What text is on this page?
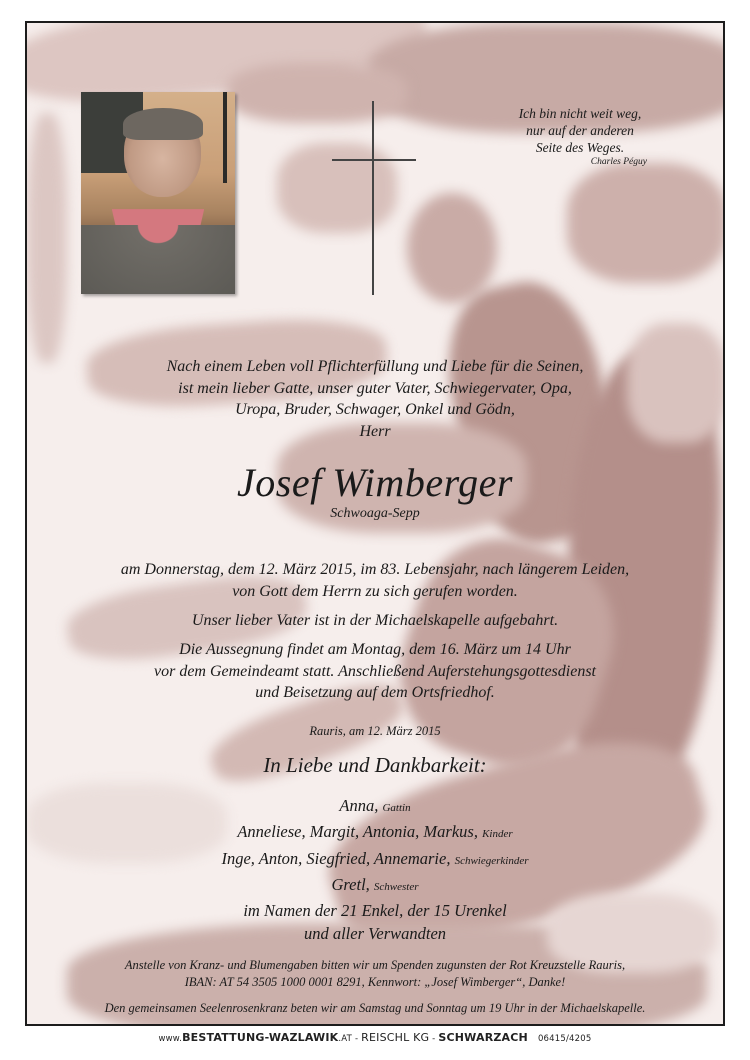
Ich bin nicht weit weg,
nur auf der anderen
Seite des Weges.
Charles Péguy
Nach einem Leben voll Pflichterfüllung und Liebe für die Seinen,
ist mein lieber Gatte, unser guter Vater, Schwiegervater, Opa,
Uropa, Bruder, Schwager, Onkel und Gödn,
Herr
Josef Wimberger
Schwoaga-Sepp
am Donnerstag, dem 12. März 2015, im 83. Lebensjahr, nach längerem Leiden,
von Gott dem Herrn zu sich gerufen worden.
Unser lieber Vater ist in der Michaelskapelle aufgebahrt.
Die Aussegnung findet am Montag, dem 16. März um 14 Uhr
vor dem Gemeindeamt statt. Anschließend Auferstehungsgottesdienst
und Beisetzung auf dem Ortsfriedhof.
Rauris, am 12. März 2015
In Liebe und Dankbarkeit:
Anna, Gattin
Anneliese, Margit, Antonia, Markus, Kinder
Inge, Anton, Siegfried, Annemarie, Schwiegerkinder
Gretl, Schwester
im Namen der 21 Enkel, der 15 Urenkel
und aller Verwandten
Anstelle von Kranz- und Blumengaben bitten wir um Spenden zugunsten der Rot Kreuzstelle Rauris,
IBAN: AT 54 3505 1000 0001 8291, Kennwort: „Josef Wimberger“, Danke!
Den gemeinsamen Seelenrosenkranz beten wir am Samstag und Sonntag um 19 Uhr in der Michaelskapelle.
www.BESTATTUNG-WAZLAWIK.AT - REISCHL KG - SCHWARZACH 06415/4205
